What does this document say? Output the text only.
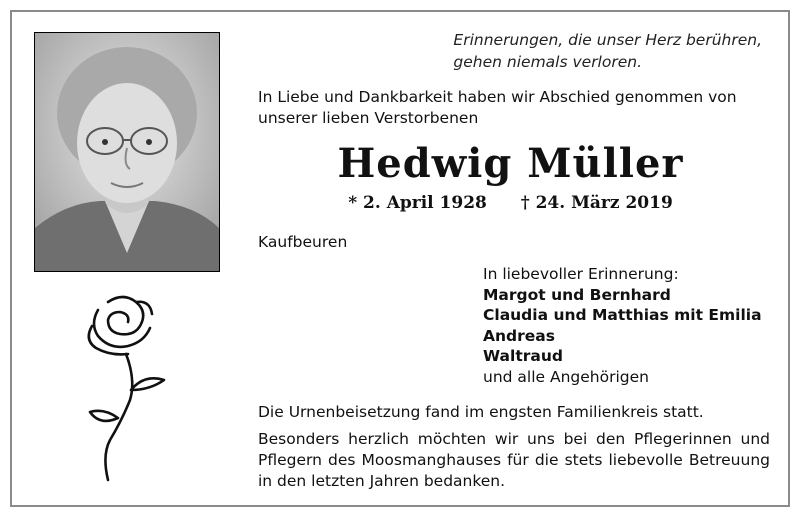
Erinnerungen, die unser Herz berühren,
gehen niemals verloren.
In Liebe und Dankbarkeit haben wir Abschied genommen von
unserer lieben Verstorbenen
Hedwig Müller
* 2. April 1928 † 24. März 2019
Kaufbeuren
In liebevoller Erinnerung:
Margot und Bernhard
Claudia und Matthias mit Emilia
Andreas
Waltraud
und alle Angehörigen

Die Urnenbeisetzung fand im engsten Familienkreis statt.

Besonders herzlich möchten wir uns bei den Pflegerinnen und Pflegern des Moosmanghauses für die stets liebevolle Betreuung in den letzten Jahren bedanken.
